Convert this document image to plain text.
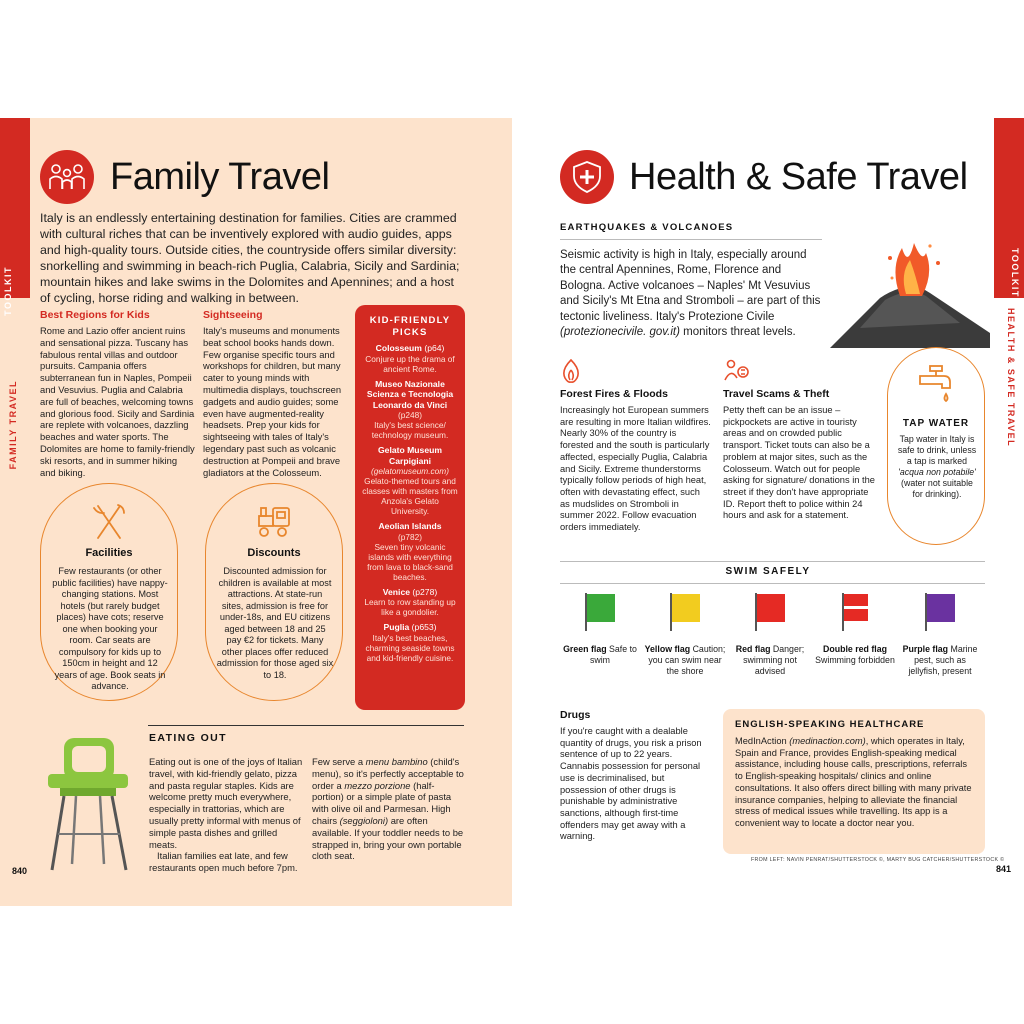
TOOLKIT
FAMILY TRAVEL
Family Travel
Italy is an endlessly entertaining destination for families. Cities are crammed with cultural riches that can be inventively explored with audio guides, apps and high-quality tours. Outside cities, the countryside offers similar diversity: snorkelling and swimming in beach-rich Puglia, Calabria, Sicily and Sardinia; mountain hikes and lake swims in the Dolomites and Apennines; and a host of cycling, horse riding and walking in between.
Best Regions for Kids
Rome and Lazio offer ancient ruins and sensational pizza. Tuscany has fabulous rental villas and outdoor pursuits. Campania offers subterranean fun in Naples, Pompeii and Vesuvius. Puglia and Calabria are full of beaches, welcoming towns and glorious food. Sicily and Sardinia are replete with volcanoes, dazzling beaches and water sports. The Dolomites are home to family-friendly ski resorts, and in summer hiking and biking.
Sightseeing
Italy's museums and monuments beat school books hands down. Few organise specific tours and workshops for children, but many cater to young minds with multimedia displays, touchscreen gadgets and audio guides; some even have augmented-reality headsets. Prep your kids for sightseeing with tales of Italy's legendary past such as volcanic destruction at Pompeii and brave gladiators at the Colosseum.
KID-FRIENDLY PICKS
Colosseum (p64)
Conjure up the drama of ancient Rome.
Museo Nazionale Scienza e Tecnologia Leonardo da Vinci
(p248)
Italy's best science/ technology museum.
Gelato Museum Carpigiani
(gelatomuseum.com)
Gelato-themed tours and classes with masters from Anzola's Gelato University.
Aeolian Islands
(p782)
Seven tiny volcanic islands with everything from lava to black-sand beaches.
Venice (p278)
Learn to row standing up like a gondolier.
Puglia (p653)
Italy's best beaches, charming seaside towns and kid-friendly cuisine.
Facilities
Few restaurants (or other public facilities) have nappy-changing stations. Most hotels (but rarely budget places) have cots; reserve one when booking your room. Car seats are compulsory for kids up to 150cm in height and 12 years of age. Book seats in advance.
Discounts
Discounted admission for children is available at most attractions. At state-run sites, admission is free for under-18s, and EU citizens aged between 18 and 25 pay €2 for tickets. Many other places offer reduced admission for those aged six to 18.
EATING OUT
Eating out is one of the joys of Italian travel, with kid-friendly gelato, pizza and pasta regular staples. Kids are welcome pretty much everywhere, especially in trattorias, which are usually pretty informal with menus of simple pasta dishes and grilled meats.
Italian families eat late, and few restaurants open much before 7pm.
Few serve a menu bambino (child's menu), so it's perfectly acceptable to order a mezzo porzione (half-portion) or a simple plate of pasta with olive oil and Parmesan. High chairs (seggioloni) are often available. If your toddler needs to be strapped in, bring your own portable cloth seat.
840
TOOLKIT
HEALTH & SAFE TRAVEL
Health & Safe Travel
EARTHQUAKES & VOLCANOES
Seismic activity is high in Italy, especially around the central Apennines, Rome, Florence and Bologna. Active volcanoes – Naples' Mt Vesuvius and Sicily's Mt Etna and Stromboli – are part of this tectonic liveliness. Italy's Protezione Civile (protezionecivile. gov.it) monitors threat levels.
Forest Fires & Floods
Increasingly hot European summers are resulting in more Italian wildfires. Nearly 30% of the country is forested and the south is particularly affected, especially Puglia, Calabria and Sicily. Extreme thunderstorms typically follow periods of high heat, often with devastating effect, such as mudslides on Stromboli in summer 2022. Follow evacuation orders immediately.
Travel Scams & Theft
Petty theft can be an issue – pickpockets are active in touristy areas and on crowded public transport. Ticket touts can also be a problem at major sites, such as the Colosseum. Watch out for people asking for signature/ donations in the street if they don't have appropriate ID. Report theft to police within 24 hours and ask for a statement.
TAP WATER
Tap water in Italy is safe to drink, unless a tap is marked 'acqua non potabile' (water not suitable for drinking).
SWIM SAFELY
Green flag Safe to swim
Yellow flag Caution; you can swim near the shore
Red flag Danger; swimming not advised
Double red flag Swimming forbidden
Purple flag Marine pest, such as jellyfish, present
Drugs
If you're caught with a dealable quantity of drugs, you risk a prison sentence of up to 22 years. Cannabis possession for personal use is decriminalised, but possession of other drugs is punishable by administrative sanctions, although first-time offenders may get away with a warning.
ENGLISH-SPEAKING HEALTHCARE
MedInAction (medinaction.com), which operates in Italy, Spain and France, provides English-speaking medical assistance, including house calls, prescriptions, referrals to English-speaking hospitals/ clinics and online consultations. It also offers direct billing with many private insurance companies, helping to alleviate the financial stress of medical issues while travelling. Its app is a convenient way to locate a doctor near you.
FROM LEFT: NAVIN PENRAT/SHUTTERSTOCK ©, MARTY BUG CATCHER/SHUTTERSTOCK ©
841
